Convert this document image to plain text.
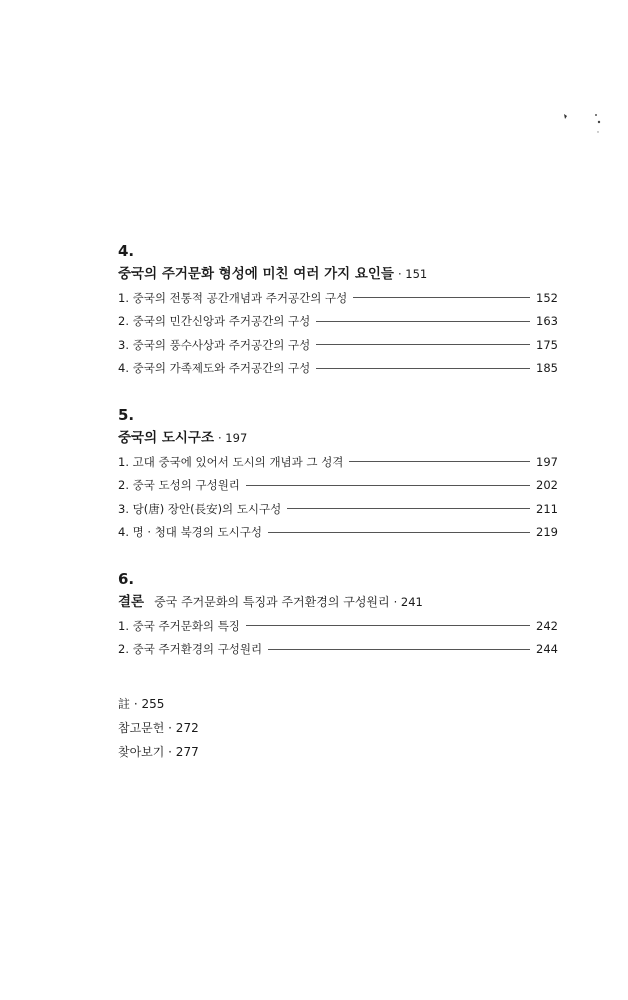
4.
중국의 주거문화 형성에 미친 여러 가지 요인들 · 151
1. 중국의 전통적 공간개념과 주거공간의 구성	152
2. 중국의 민간신앙과 주거공간의 구성	163
3. 중국의 풍수사상과 주거공간의 구성	175
4. 중국의 가족제도와 주거공간의 구성	185
5.
중국의 도시구조 · 197
1. 고대 중국에 있어서 도시의 개념과 그 성격	197
2. 중국 도성의 구성원리	202
3. 당(唐) 장안(長安)의 도시구성	211
4. 명 · 청대 북경의 도시구성	219
6.
결론 중국 주거문화의 특징과 주거환경의 구성원리 · 241
1. 중국 주거문화의 특징	242
2. 중국 주거환경의 구성원리	244
註 · 255
참고문헌 · 272
찾아보기 · 277
